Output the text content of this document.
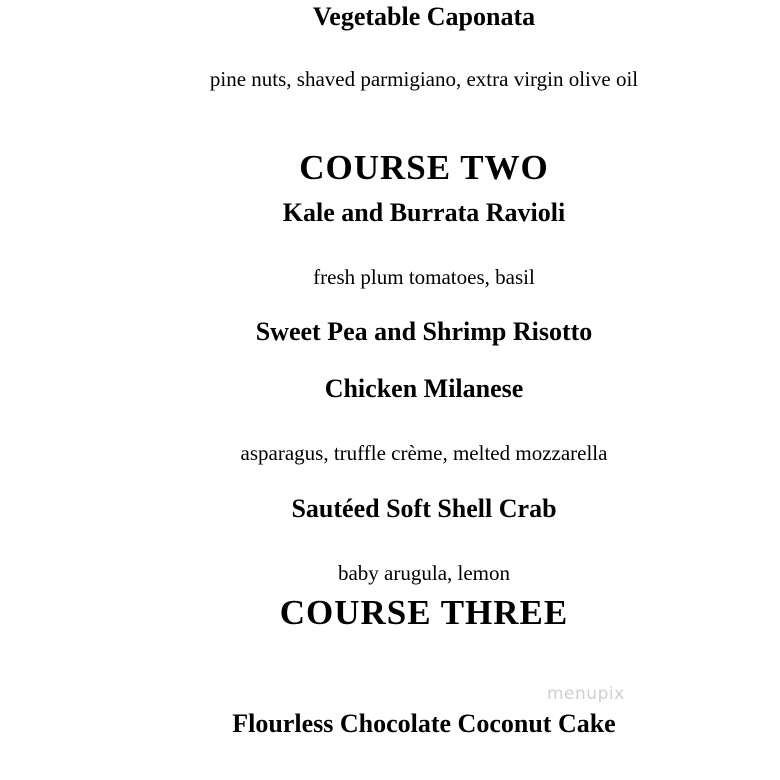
Vegetable Caponata
pine nuts, shaved parmigiano, extra virgin olive oil
COURSE TWO
Kale and Burrata Ravioli
fresh plum tomatoes, basil
Sweet Pea and Shrimp Risotto
Chicken Milanese
asparagus, truffle crème, melted mozzarella
Sautéed Soft Shell Crab
baby arugula, lemon
COURSE THREE
Flourless Chocolate Coconut Cake
menupix
